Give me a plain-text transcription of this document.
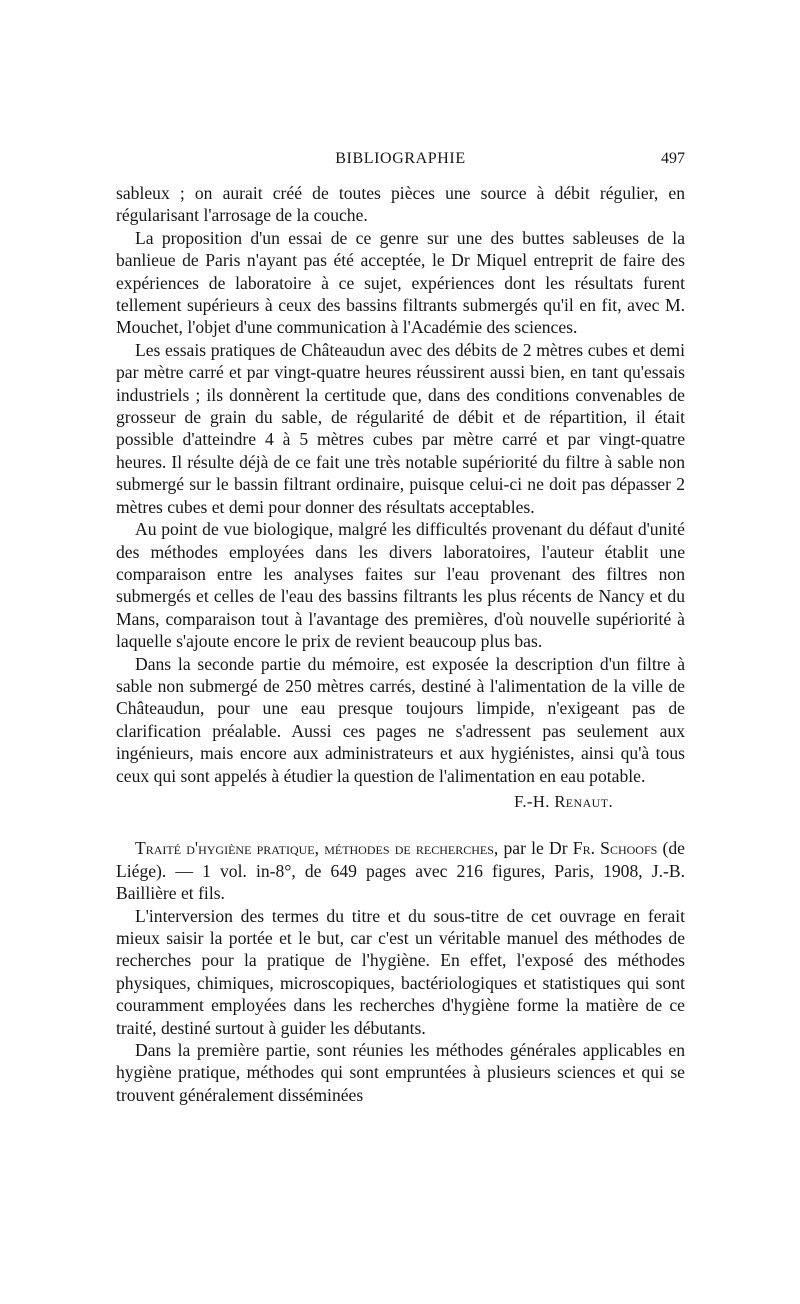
BIBLIOGRAPHIE	497

sableux ; on aurait créé de toutes pièces une source à débit régulier, en régularisant l'arrosage de la couche.

La proposition d'un essai de ce genre sur une des buttes sableuses de la banlieue de Paris n'ayant pas été acceptée, le Dr Miquel entreprit de faire des expériences de laboratoire à ce sujet, expériences dont les résultats furent tellement supérieurs à ceux des bassins filtrants submergés qu'il en fit, avec M. Mouchet, l'objet d'une communication à l'Académie des sciences.

Les essais pratiques de Châteaudun avec des débits de 2 mètres cubes et demi par mètre carré et par vingt-quatre heures réussirent aussi bien, en tant qu'essais industriels ; ils donnèrent la certitude que, dans des conditions convenables de grosseur de grain du sable, de régularité de débit et de répartition, il était possible d'atteindre 4 à 5 mètres cubes par mètre carré et par vingt-quatre heures. Il résulte déjà de ce fait une très notable supériorité du filtre à sable non submergé sur le bassin filtrant ordinaire, puisque celui-ci ne doit pas dépasser 2 mètres cubes et demi pour donner des résultats acceptables.

Au point de vue biologique, malgré les difficultés provenant du défaut d'unité des méthodes employées dans les divers laboratoires, l'auteur établit une comparaison entre les analyses faites sur l'eau provenant des filtres non submergés et celles de l'eau des bassins filtrants les plus récents de Nancy et du Mans, comparaison tout à l'avantage des premières, d'où nouvelle supériorité à laquelle s'ajoute encore le prix de revient beaucoup plus bas.

Dans la seconde partie du mémoire, est exposée la description d'un filtre à sable non submergé de 250 mètres carrés, destiné à l'alimentation de la ville de Châteaudun, pour une eau presque toujours limpide, n'exigeant pas de clarification préalable. Aussi ces pages ne s'adressent pas seulement aux ingénieurs, mais encore aux administrateurs et aux hygiénistes, ainsi qu'à tous ceux qui sont appelés à étudier la question de l'alimentation en eau potable.

F.-H. Renaut.

Traité d'hygiène pratique, méthodes de recherches, par le Dr Fr. Schoofs (de Liége). — 1 vol. in-8°, de 649 pages avec 216 figures, Paris, 1908, J.-B. Baillière et fils.

L'interversion des termes du titre et du sous-titre de cet ouvrage en ferait mieux saisir la portée et le but, car c'est un véritable manuel des méthodes de recherches pour la pratique de l'hygiène. En effet, l'exposé des méthodes physiques, chimiques, microscopiques, bactériologiques et statistiques qui sont couramment employées dans les recherches d'hygiène forme la matière de ce traité, destiné surtout à guider les débutants.

Dans la première partie, sont réunies les méthodes générales applicables en hygiène pratique, méthodes qui sont empruntées à plusieurs sciences et qui se trouvent généralement disséminées
